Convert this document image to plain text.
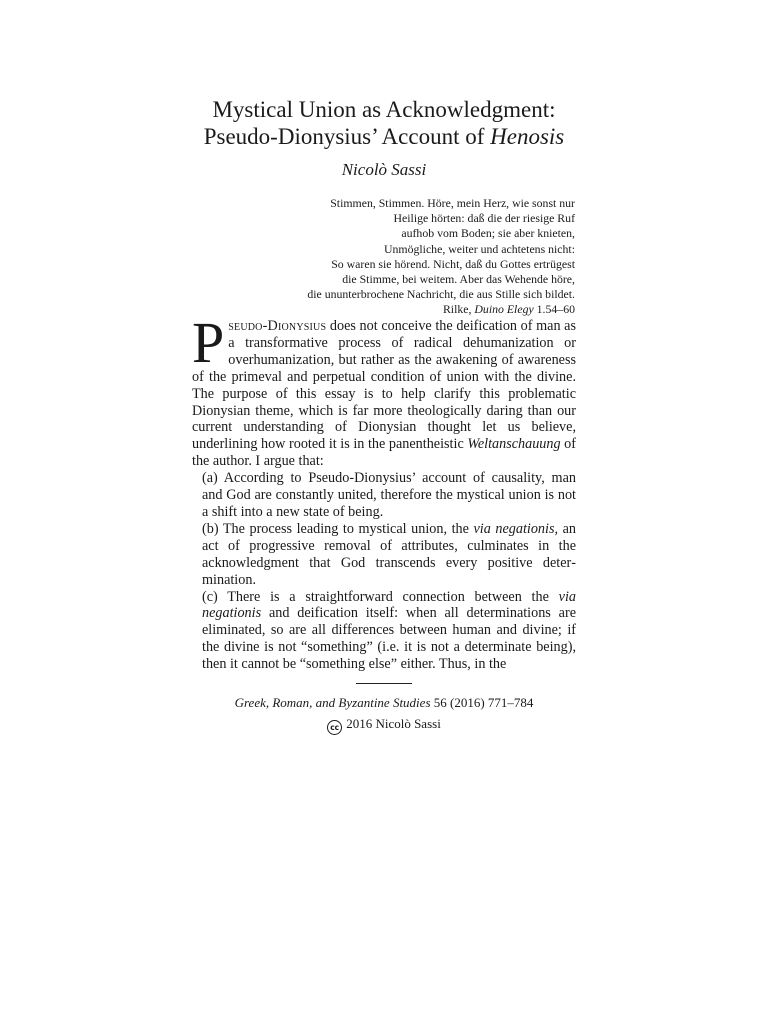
Mystical Union as Acknowledgment:
Pseudo-Dionysius’ Account of Henosis

Nicolò Sassi

Stimmen, Stimmen. Höre, mein Herz, wie sonst nur
Heilige hörten: daß die der riesige Ruf
aufhob vom Boden; sie aber knieten,
Unmögliche, weiter und achtetens nicht:
So waren sie hörend. Nicht, daß du Gottes ertrügest
die Stimme, bei weitem. Aber das Wehende höre,
die ununterbrochene Nachricht, die aus Stille sich bildet.
Rilke, Duino Elegy 1.54–60

Pseudo-Dionysius does not conceive the deification of man as a transformative process of radical dehumanization or overhumanization, but rather as the awakening of awareness of the primeval and perpetual condition of union with the divine. The purpose of this essay is to help clarify this problematic Dionysian theme, which is far more theologically daring than our current understanding of Dionysian thought let us believe, underlining how rooted it is in the panentheistic Weltanschauung of the author. I argue that:

(a) According to Pseudo-Dionysius’ account of causality, man and God are constantly united, therefore the mystical union is not a shift into a new state of being.

(b) The process leading to mystical union, the via negationis, an act of progressive removal of attributes, culminates in the acknowledgment that God transcends every positive determination.

(c) There is a straightforward connection between the via negationis and deification itself: when all determinations are eliminated, so are all differences between human and divine; if the divine is not “something” (i.e. it is not a determinate being), then it cannot be “something else” either. Thus, in the

Greek, Roman, and Byzantine Studies 56 (2016) 771–784
cc 2016 Nicolò Sassi
